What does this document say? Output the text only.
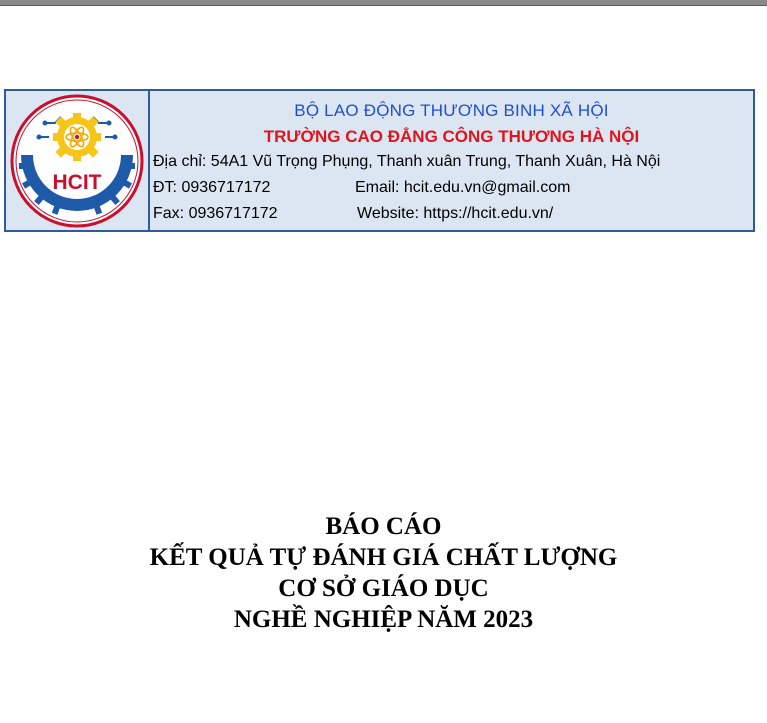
HCIT
BỘ LAO ĐỘNG THƯƠNG BINH XÃ HỘI
TRƯỜNG CAO ĐẲNG CÔNG THƯƠNG HÀ NỘI
Địa chỉ: 54A1 Vũ Trọng Phụng, Thanh xuân Trung, Thanh Xuân, Hà Nội
ĐT: 0936717172	Email: hcit.edu.vn@gmail.com
Fax: 0936717172	Website: https://hcit.edu.vn/
BÁO CÁO
KẾT QUẢ TỰ ĐÁNH GIÁ CHẤT LƯỢNG
CƠ SỞ GIÁO DỤC
NGHỀ NGHIỆP NĂM 2023
